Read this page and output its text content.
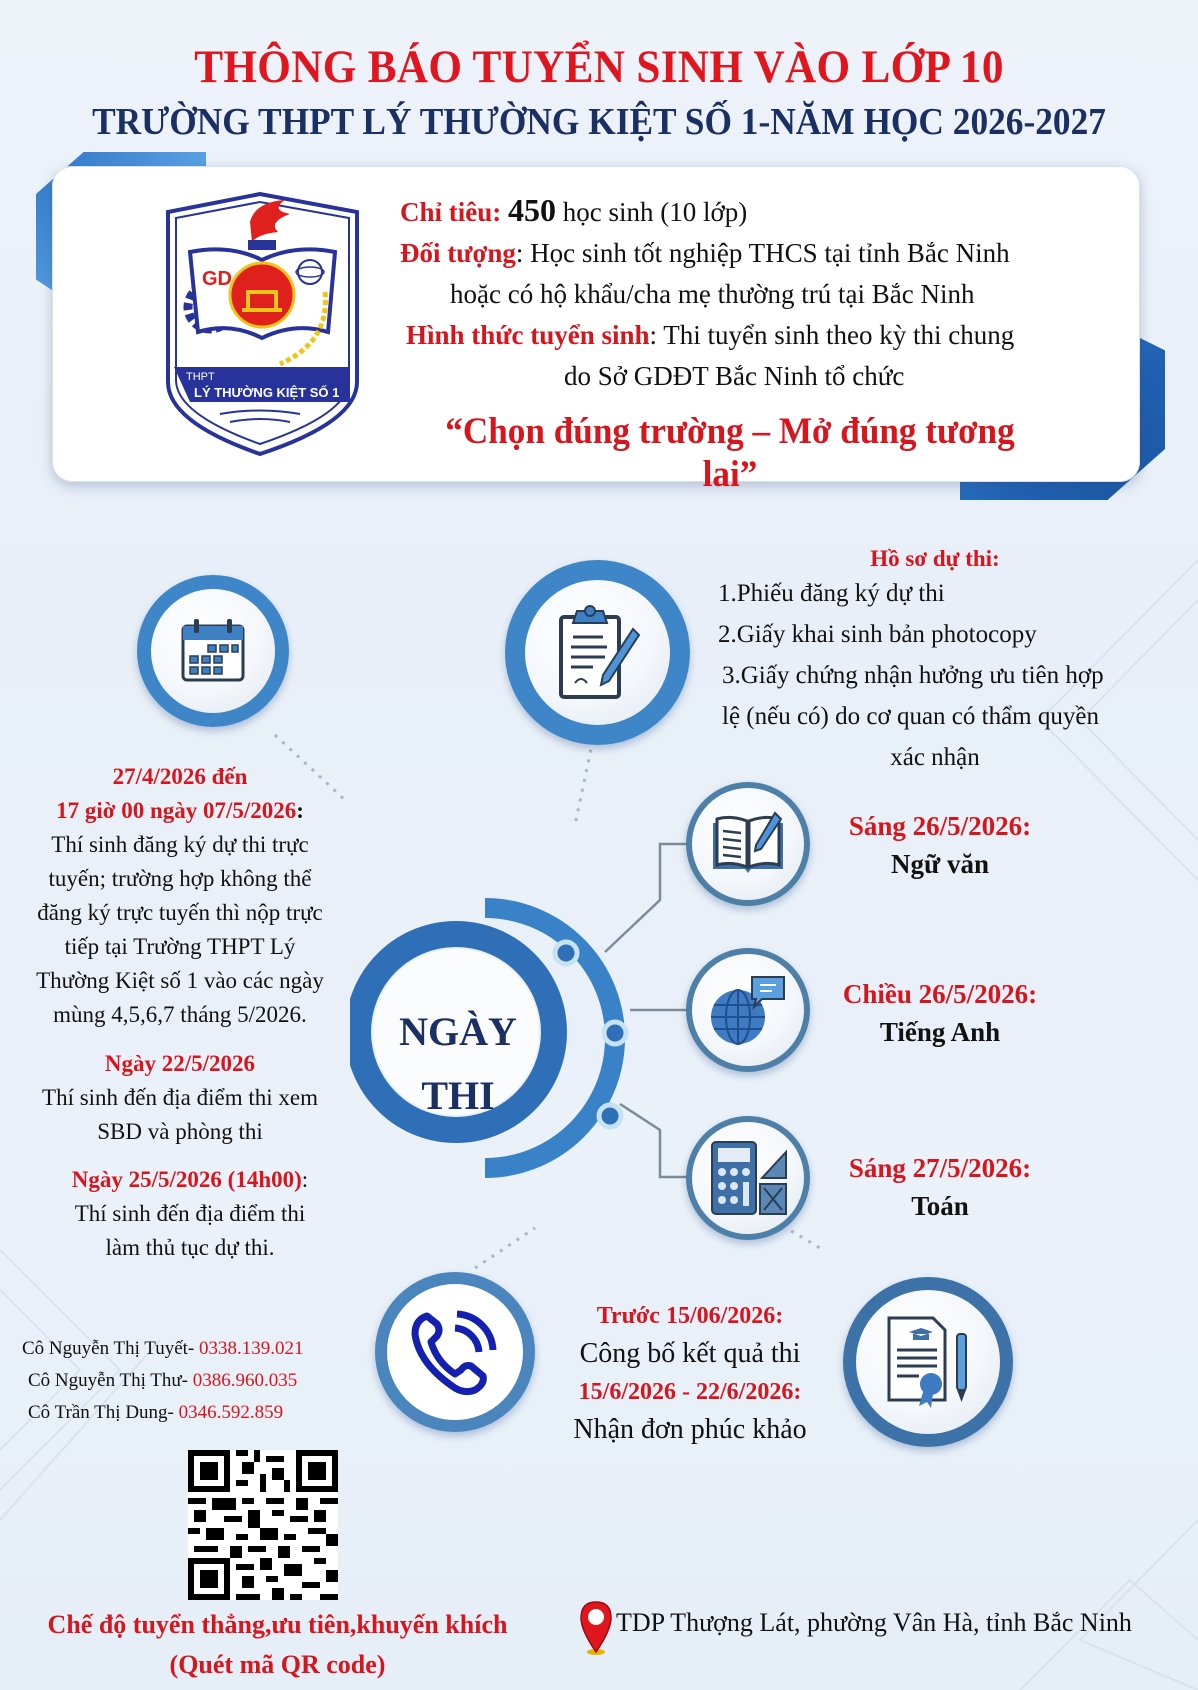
THÔNG BÁO TUYỂN SINH VÀO LỚP 10
TRƯỜNG THPT LÝ THƯỜNG KIỆT SỐ 1-NĂM HỌC 2026-2027
GD
THPT
LÝ THƯỜNG KIỆT SỐ 1
Chỉ tiêu: 450 học sinh (10 lớp)
Đối tượng: Học sinh tốt nghiệp THCS tại tỉnh Bắc Ninh
hoặc có hộ khẩu/cha mẹ thường trú tại Bắc Ninh
Hình thức tuyển sinh: Thi tuyển sinh theo kỳ thi chung
do Sở GDĐT Bắc Ninh tổ chức
“Chọn đúng trường – Mở đúng tương lai”
Hồ sơ dự thi:
1.Phiếu đăng ký dự thi
2.Giấy khai sinh bản photocopy
3.Giấy chứng nhận hưởng ưu tiên hợp
lệ (nếu có) do cơ quan có thẩm quyền
xác nhận
27/4/2026 đến
17 giờ 00 ngày 07/5/2026:
Thí sinh đăng ký dự thi trực
tuyến; trường hợp không thể
đăng ký trực tuyến thì nộp trực
tiếp tại Trường THPT Lý
Thường Kiệt số 1 vào các ngày
mùng 4,5,6,7 tháng 5/2026.
Ngày 22/5/2026
Thí sinh đến địa điểm thi xem
SBD và phòng thi
Ngày 25/5/2026 (14h00):
Thí sinh đến địa điểm thi
làm thủ tục dự thi.
NGÀY
THI
Sáng 26/5/2026:
Ngữ văn
Chiều 26/5/2026:
Tiếng Anh
Sáng 27/5/2026:
Toán
Trước 15/06/2026:
Công bố kết quả thi
15/6/2026 - 22/6/2026:
Nhận đơn phúc khảo
Cô Nguyễn Thị Tuyết- 0338.139.021
Cô Nguyễn Thị Thư- 0386.960.035
Cô Trần Thị Dung- 0346.592.859
Chế độ tuyển thẳng,ưu tiên,khuyến khích
(Quét mã QR code)
TDP Thượng Lát, phường Vân Hà, tỉnh Bắc Ninh
